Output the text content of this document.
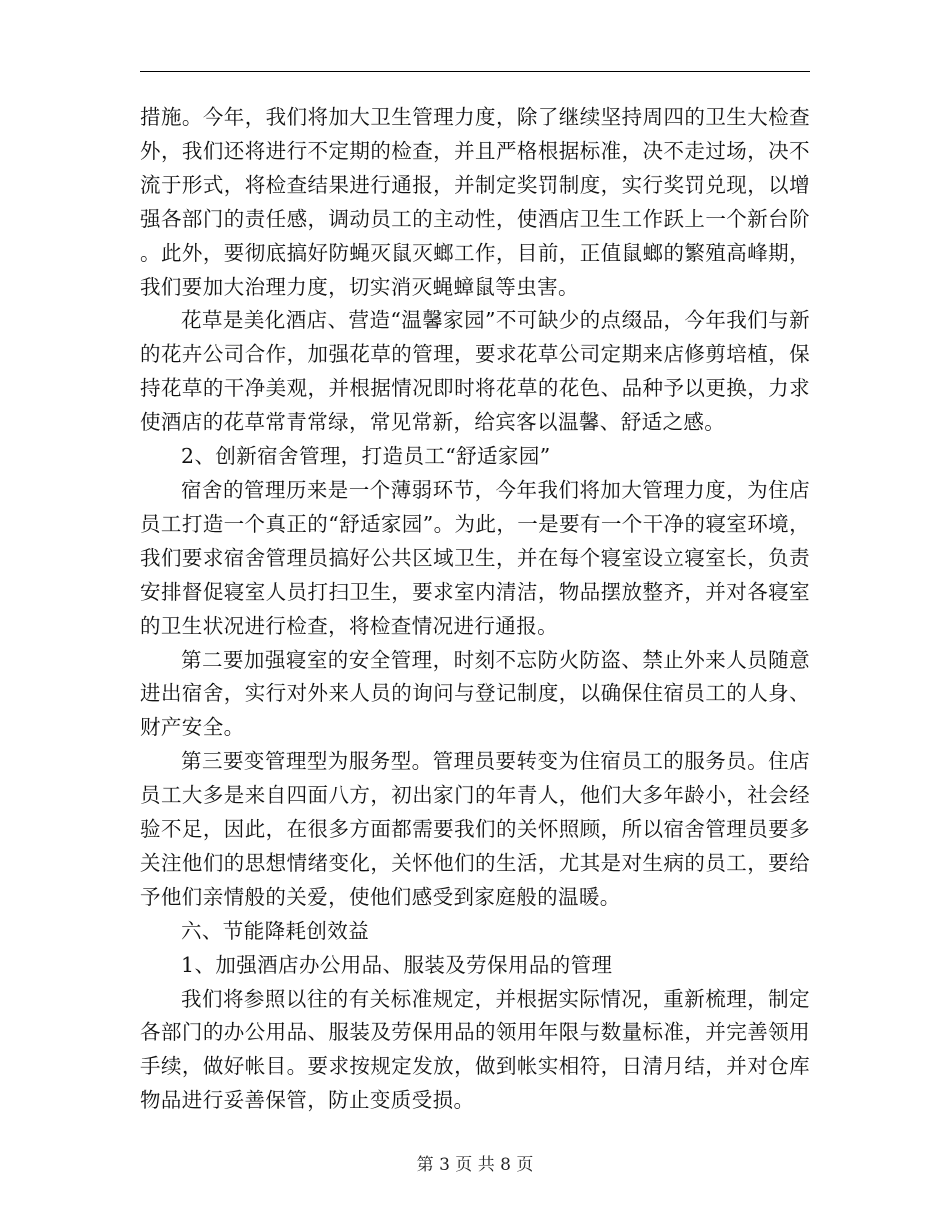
措施。今年，我们将加大卫生管理力度，除了继续坚持周四的卫生大检查外，我们还将进行不定期的检查，并且严格根据标准，决不走过场，决不流于形式，将检查结果进行通报，并制定奖罚制度，实行奖罚兑现，以增强各部门的责任感，调动员工的主动性，使酒店卫生工作跃上一个新台阶。此外，要彻底搞好防蝇灭鼠灭螂工作，目前，正值鼠螂的繁殖高峰期，我们要加大治理力度，切实消灭蝇蟑鼠等虫害。

花草是美化酒店、营造“温馨家园”不可缺少的点缀品，今年我们与新的花卉公司合作，加强花草的管理，要求花草公司定期来店修剪培植，保持花草的干净美观，并根据情况即时将花草的花色、品种予以更换，力求使酒店的花草常青常绿，常见常新，给宾客以温馨、舒适之感。

2、创新宿舍管理，打造员工“舒适家园”

宿舍的管理历来是一个薄弱环节，今年我们将加大管理力度，为住店员工打造一个真正的“舒适家园”。为此，一是要有一个干净的寝室环境，我们要求宿舍管理员搞好公共区域卫生，并在每个寝室设立寝室长，负责安排督促寝室人员打扫卫生，要求室内清洁，物品摆放整齐，并对各寝室的卫生状况进行检查，将检查情况进行通报。

第二要加强寝室的安全管理，时刻不忘防火防盗、禁止外来人员随意进出宿舍，实行对外来人员的询问与登记制度，以确保住宿员工的人身、财产安全。

第三要变管理型为服务型。管理员要转变为住宿员工的服务员。住店员工大多是来自四面八方，初出家门的年青人，他们大多年龄小，社会经验不足，因此，在很多方面都需要我们的关怀照顾，所以宿舍管理员要多关注他们的思想情绪变化，关怀他们的生活，尤其是对生病的员工，要给予他们亲情般的关爱，使他们感受到家庭般的温暖。

六、节能降耗创效益

1、加强酒店办公用品、服装及劳保用品的管理

我们将参照以往的有关标准规定，并根据实际情况，重新梳理，制定各部门的办公用品、服装及劳保用品的领用年限与数量标准，并完善领用手续，做好帐目。要求按规定发放，做到帐实相符，日清月结，并对仓库物品进行妥善保管，防止变质受损。

第 3 页 共 8 页
